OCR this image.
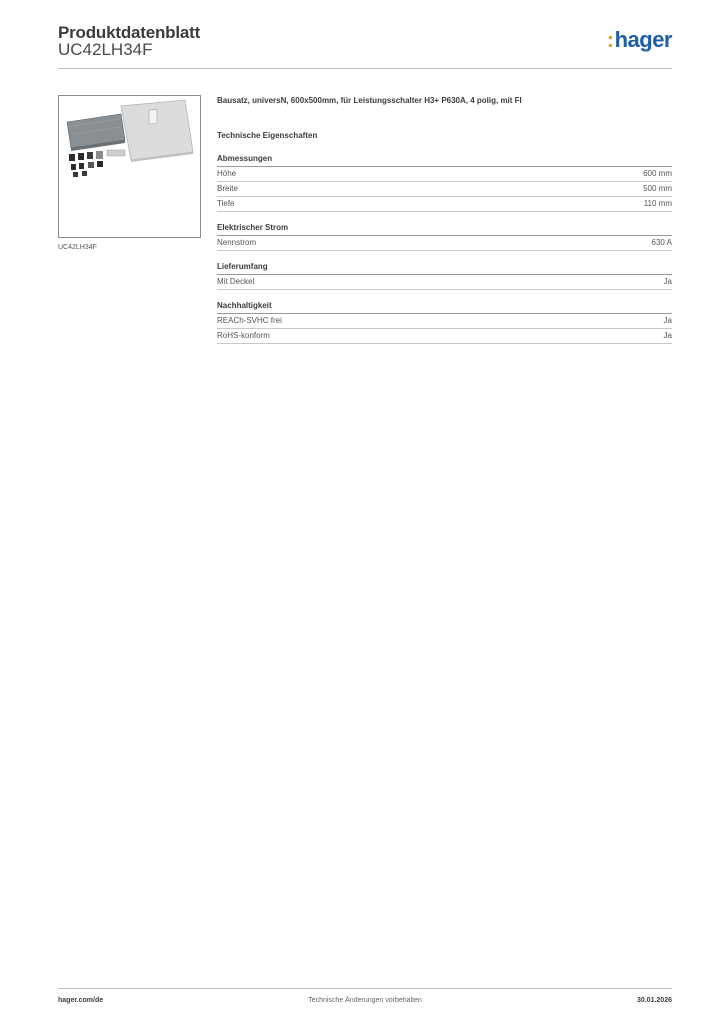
Produktdatenblatt
UC42LH34F	:hager
UC42LH34F
Bausatz, universN, 600x500mm, für Leistungsschalter H3+ P630A, 4 polig, mit FI
Technische Eigenschaften
Abmessungen
Höhe	600 mm
Breite	500 mm
Tiefe	110 mm
Elektrischer Strom
Nennstrom	630 A
Lieferumfang
Mit Deckel	Ja
Nachhaltigkeit
REACh-SVHC frei	Ja
RoHS-konform	Ja
hager.com/de	Technische Änderungen vorbehalten	30.01.2026
